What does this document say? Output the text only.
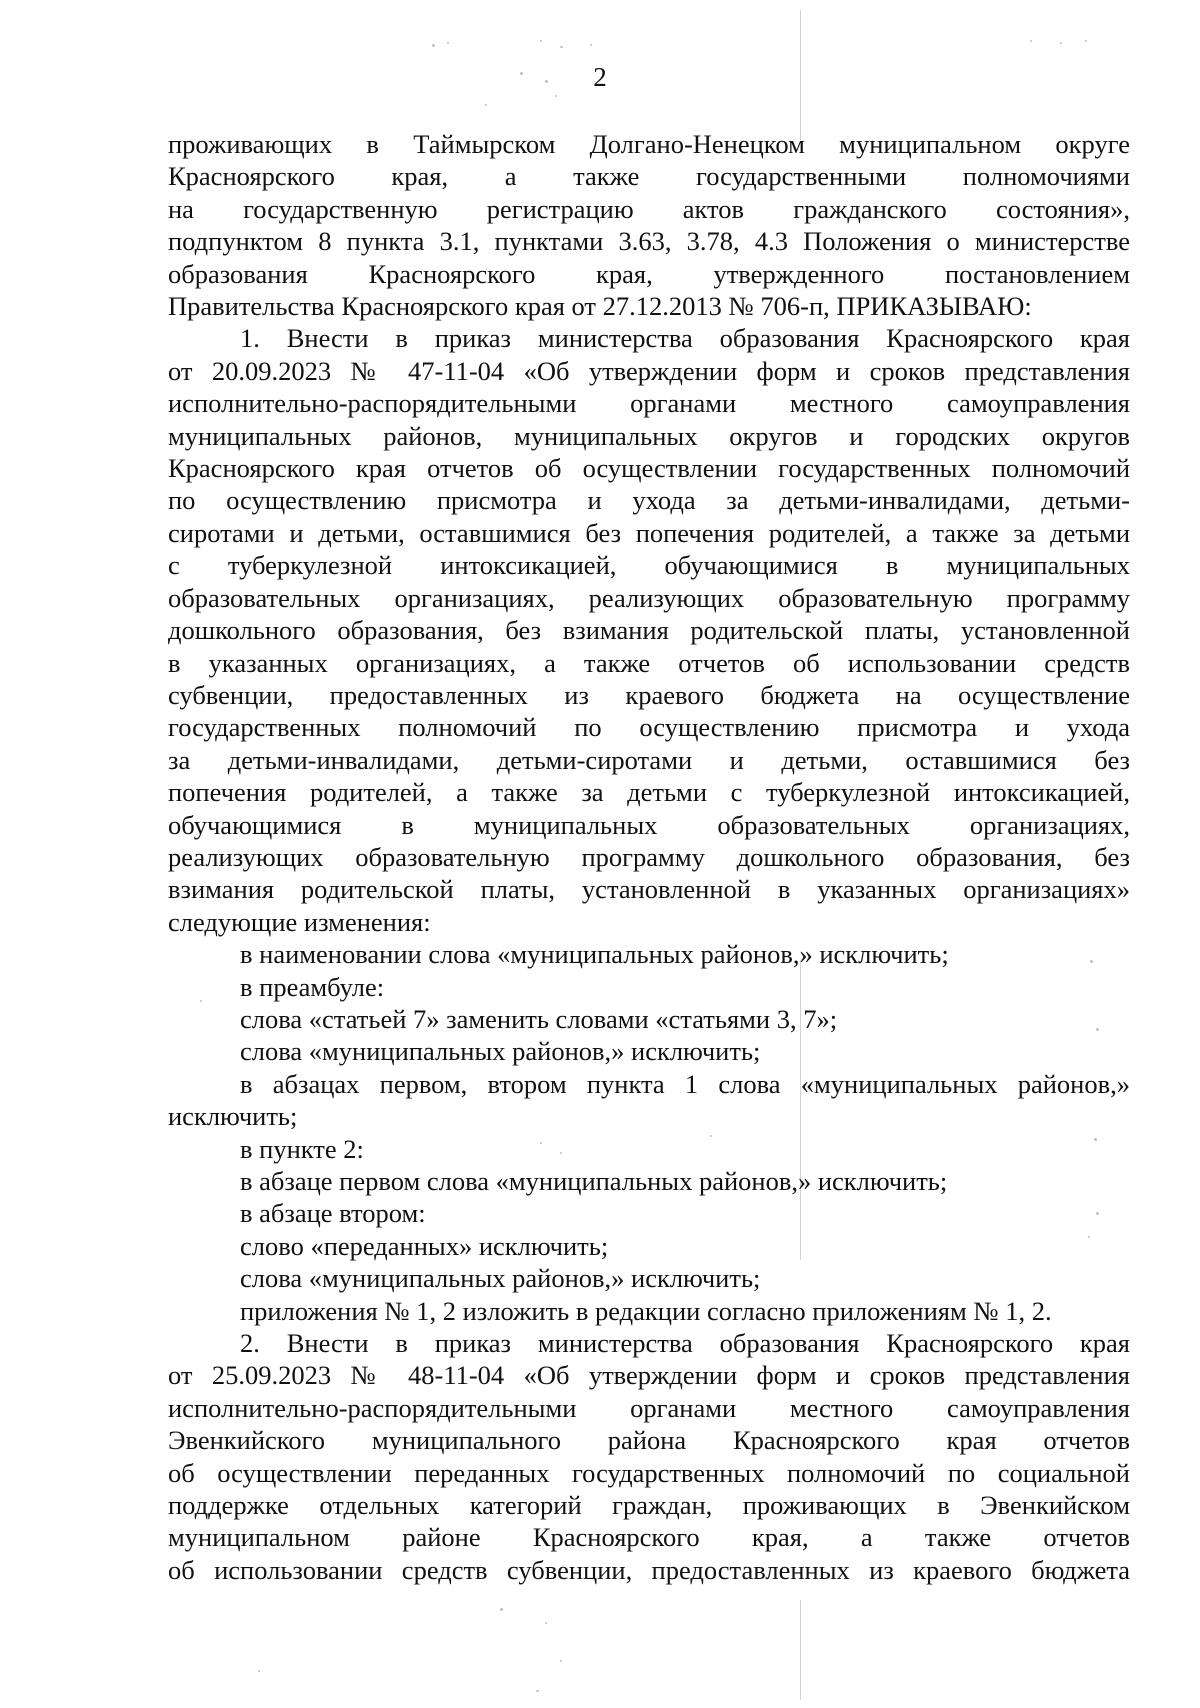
2

проживающих в Таймырском Долгано-Ненецком муниципальном округе
Красноярского края, а также государственными полномочиями
на государственную регистрацию актов гражданского состояния»,
подпунктом 8 пункта 3.1, пунктами 3.63, 3.78, 4.3 Положения о министерстве
образования Красноярского края, утвержденного постановлением
Правительства Красноярского края от 27.12.2013 № 706-п, ПРИКАЗЫВАЮ:

1. Внести в приказ министерства образования Красноярского края
от 20.09.2023 № 47-11-04 «Об утверждении форм и сроков представления
исполнительно-распорядительными органами местного самоуправления
муниципальных районов, муниципальных округов и городских округов
Красноярского края отчетов об осуществлении государственных полномочий
по осуществлению присмотра и ухода за детьми-инвалидами, детьми-
сиротами и детьми, оставшимися без попечения родителей, а также за детьми
с туберкулезной интоксикацией, обучающимися в муниципальных
образовательных организациях, реализующих образовательную программу
дошкольного образования, без взимания родительской платы, установленной
в указанных организациях, а также отчетов об использовании средств
субвенции, предоставленных из краевого бюджета на осуществление
государственных полномочий по осуществлению присмотра и ухода
за детьми-инвалидами, детьми-сиротами и детьми, оставшимися без
попечения родителей, а также за детьми с туберкулезной интоксикацией,
обучающимися в муниципальных образовательных организациях,
реализующих образовательную программу дошкольного образования, без
взимания родительской платы, установленной в указанных организациях»
следующие изменения:

в наименовании слова «муниципальных районов,» исключить;

в преамбуле:

слова «статьей 7» заменить словами «статьями 3, 7»;

слова «муниципальных районов,» исключить;

в абзацах первом, втором пункта 1 слова «муниципальных районов,»
исключить;

в пункте 2:

в абзаце первом слова «муниципальных районов,» исключить;

в абзаце втором:

слово «переданных» исключить;

слова «муниципальных районов,» исключить;

приложения № 1, 2 изложить в редакции согласно приложениям № 1, 2.

2. Внести в приказ министерства образования Красноярского края
от 25.09.2023 № 48-11-04 «Об утверждении форм и сроков представления
исполнительно-распорядительными органами местного самоуправления
Эвенкийского муниципального района Красноярского края отчетов
об осуществлении переданных государственных полномочий по социальной
поддержке отдельных категорий граждан, проживающих в Эвенкийском
муниципальном районе Красноярского края, а также отчетов
об использовании средств субвенции, предоставленных из краевого бюджета
